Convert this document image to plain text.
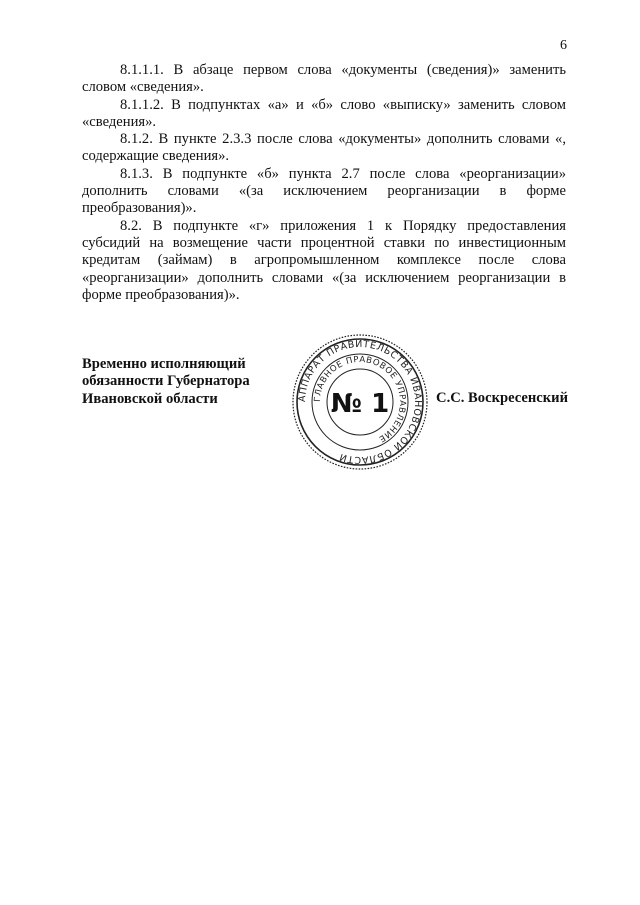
6

8.1.1.1. В абзаце первом слова «документы (сведения)» заменить словом «сведения».

8.1.1.2. В подпунктах «а» и «б» слово «выписку» заменить словом «сведения».

8.1.2. В пункте 2.3.3 после слова «документы» дополнить словами «, содержащие сведения».

8.1.3. В подпункте «б» пункта 2.7 после слова «реорганизации» дополнить словами «(за исключением реорганизации в форме преобразования)».

8.2. В подпункте «г» приложения 1 к Порядку предоставления субсидий на возмещение части процентной ставки по инвестиционным кредитам (займам) в агропромышленном комплексе после слова «реорганизации» дополнить словами «(за исключением реорганизации в форме преобразования)».

Временно исполняющий
обязанности Губернатора
Ивановской области	АППАРАТ ПРАВИТЕЛЬСТВА ИВАНОВСКОЙ ОБЛАСТИ
ГЛАВНОЕ ПРАВОВОЕ УПРАВЛЕНИЕ
№ 1	С.С. Воскресенский
